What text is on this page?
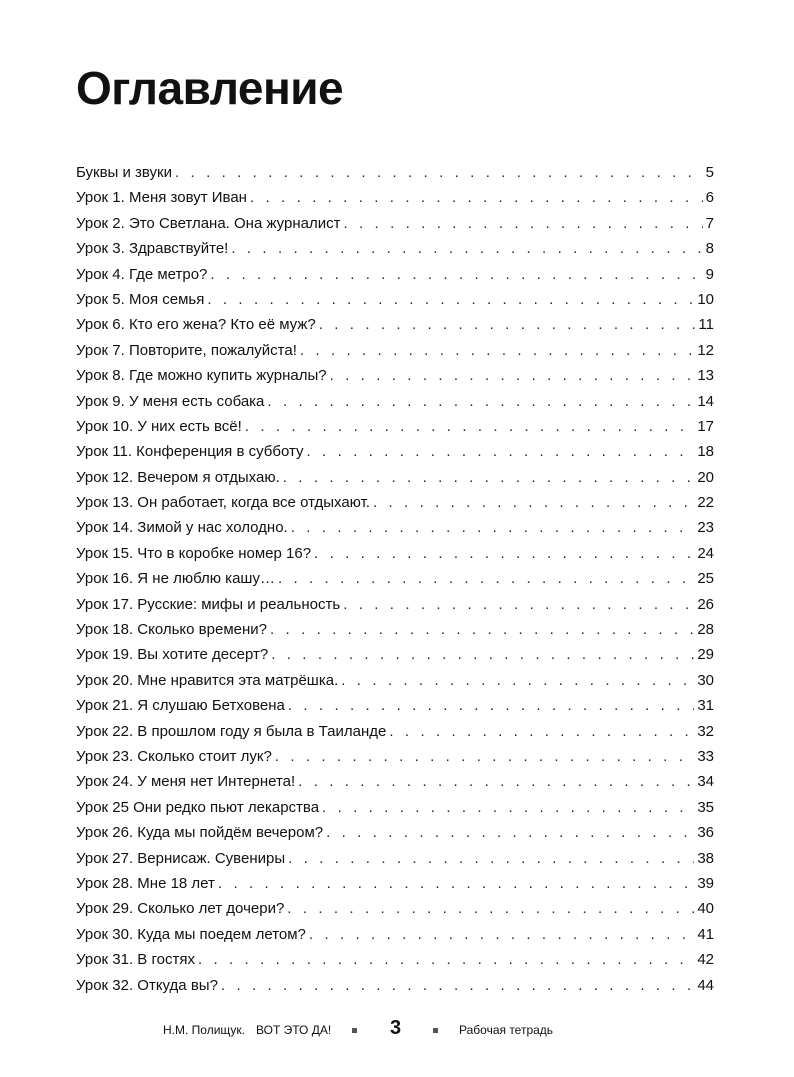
Оглавление
Буквы и звуки . . .	5
Урок 1. Меня зовут Иван . . .	6
Урок 2. Это Светлана. Она журналист . . .	7
Урок 3. Здравствуйте! . . .	8
Урок 4. Где метро? . . .	9
Урок 5. Моя семья . . .	10
Урок 6. Кто его жена? Кто её муж? . . .	11
Урок 7. Повторите, пожалуйста! . . .	12
Урок 8. Где можно купить журналы? . . .	13
Урок 9. У меня есть собака . . .	14
Урок 10. У них есть всё! . . .	17
Урок 11. Конференция в субботу . . .	18
Урок 12. Вечером я отдыхаю. . . .	20
Урок 13. Он работает, когда все отдыхают. . . .	22
Урок 14. Зимой у нас холодно. . . .	23
Урок 15. Что в коробке номер 16? . . .	24
Урок 16. Я не люблю кашу… . . .	25
Урок 17. Русские: мифы и реальность . . .	26
Урок 18. Сколько времени? . . .	28
Урок 19. Вы хотите десерт? . . .	29
Урок 20. Мне нравится эта матрёшка. . . .	30
Урок 21. Я слушаю Бетховена . . .	31
Урок 22. В прошлом году я была в Таиланде . . .	32
Урок 23. Сколько стоит лук? . . .	33
Урок 24. У меня нет Интернета! . . .	34
Урок 25 Они редко пьют лекарства . . .	35
Урок 26. Куда мы пойдём вечером? . . .	36
Урок 27. Вернисаж. Сувениры . . .	38
Урок 28. Мне 18 лет . . .	39
Урок 29. Сколько лет дочери? . . .	40
Урок 30. Куда мы поедем летом? . . .	41
Урок 31. В гостях . . .	42
Урок 32. Откуда вы? . . .	44
Н.М. Полищук. ВОТ ЭТО ДА!	3	Рабочая тетрадь
